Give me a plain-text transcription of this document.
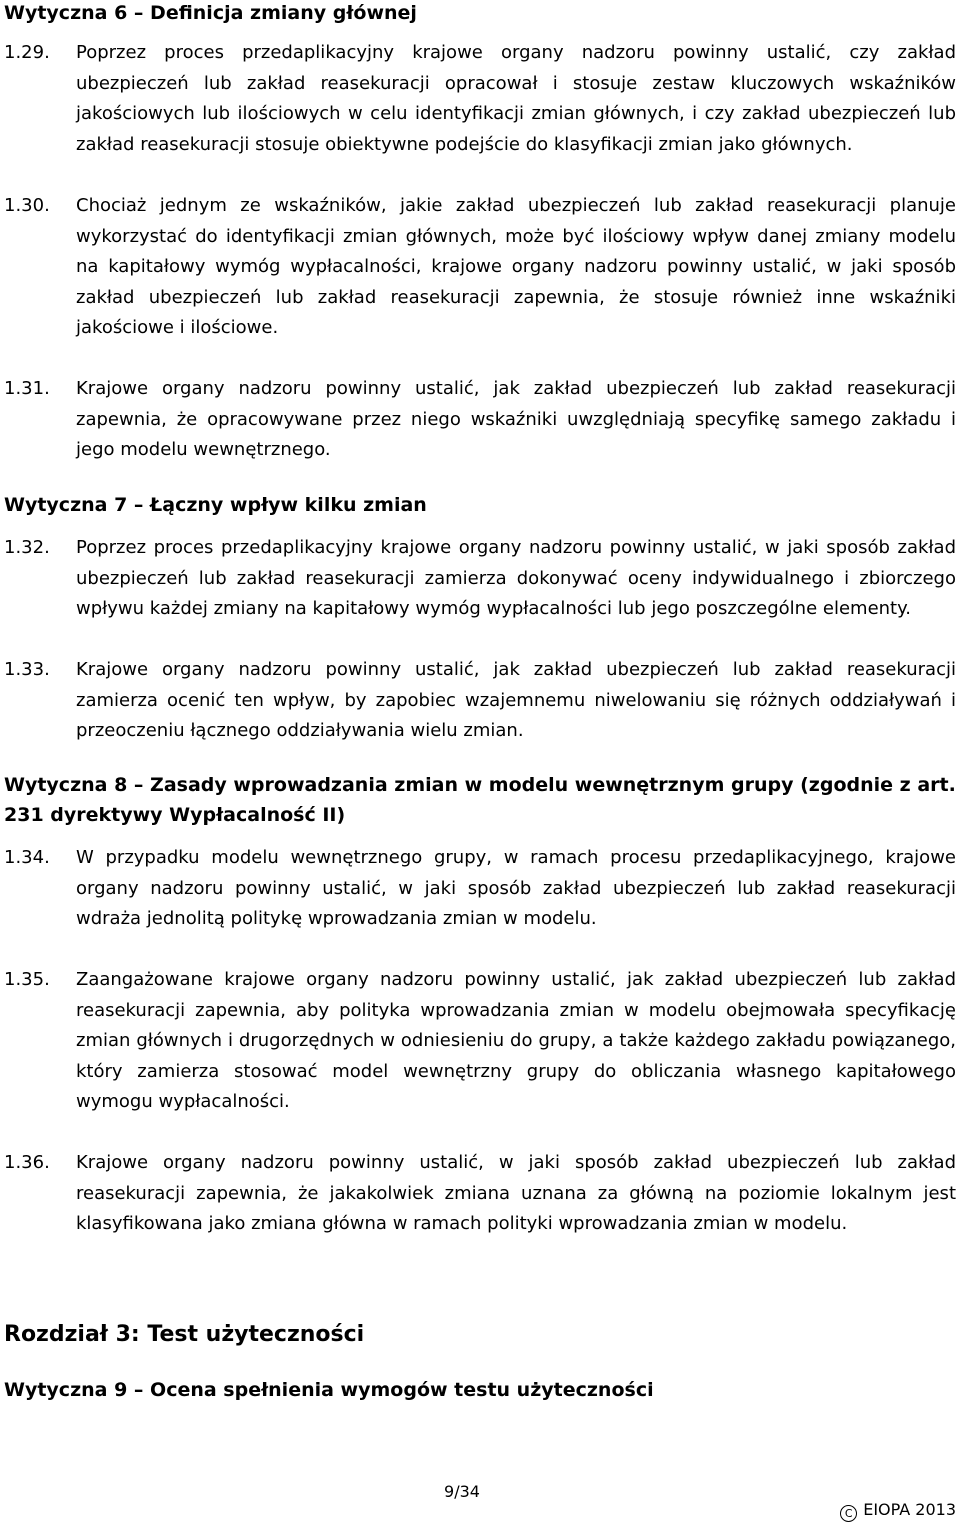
Wytyczna 6 – Definicja zmiany głównej
1.29.	Poprzez proces przedaplikacyjny krajowe organy nadzoru powinny ustalić, czy zakład ubezpieczeń lub zakład reasekuracji opracował i stosuje zestaw kluczowych wskaźników jakościowych lub ilościowych w celu identyfikacji zmian głównych, i czy zakład ubezpieczeń lub zakład reasekuracji stosuje obiektywne podejście do klasyfikacji zmian jako głównych.
1.30.	Chociaż jednym ze wskaźników, jakie zakład ubezpieczeń lub zakład reasekuracji planuje wykorzystać do identyfikacji zmian głównych, może być ilościowy wpływ danej zmiany modelu na kapitałowy wymóg wypłacalności, krajowe organy nadzoru powinny ustalić, w jaki sposób zakład ubezpieczeń lub zakład reasekuracji zapewnia, że stosuje również inne wskaźniki jakościowe i ilościowe.
1.31.	Krajowe organy nadzoru powinny ustalić, jak zakład ubezpieczeń lub zakład reasekuracji zapewnia, że opracowywane przez niego wskaźniki uwzględniają specyfikę samego zakładu i jego modelu wewnętrznego.
Wytyczna 7 – Łączny wpływ kilku zmian
1.32.	Poprzez proces przedaplikacyjny krajowe organy nadzoru powinny ustalić, w jaki sposób zakład ubezpieczeń lub zakład reasekuracji zamierza dokonywać oceny indywidualnego i zbiorczego wpływu każdej zmiany na kapitałowy wymóg wypłacalności lub jego poszczególne elementy.
1.33.	Krajowe organy nadzoru powinny ustalić, jak zakład ubezpieczeń lub zakład reasekuracji zamierza ocenić ten wpływ, by zapobiec wzajemnemu niwelowaniu się różnych oddziaływań i przeoczeniu łącznego oddziaływania wielu zmian.
Wytyczna 8 – Zasady wprowadzania zmian w modelu wewnętrznym grupy (zgodnie z art. 231 dyrektywy Wypłacalność II)
1.34.	W przypadku modelu wewnętrznego grupy, w ramach procesu przedaplikacyjnego, krajowe organy nadzoru powinny ustalić, w jaki sposób zakład ubezpieczeń lub zakład reasekuracji wdraża jednolitą politykę wprowadzania zmian w modelu.
1.35.	Zaangażowane krajowe organy nadzoru powinny ustalić, jak zakład ubezpieczeń lub zakład reasekuracji zapewnia, aby polityka wprowadzania zmian w modelu obejmowała specyfikację zmian głównych i drugorzędnych w odniesieniu do grupy, a także każdego zakładu powiązanego, który zamierza stosować model wewnętrzny grupy do obliczania własnego kapitałowego wymogu wypłacalności.
1.36.	Krajowe organy nadzoru powinny ustalić, w jaki sposób zakład ubezpieczeń lub zakład reasekuracji zapewnia, że jakakolwiek zmiana uznana za główną na poziomie lokalnym jest klasyfikowana jako zmiana główna w ramach polityki wprowadzania zmian w modelu.
Rozdział 3: Test użyteczności
Wytyczna 9 – Ocena spełnienia wymogów testu użyteczności
9/34
C EIOPA 2013
